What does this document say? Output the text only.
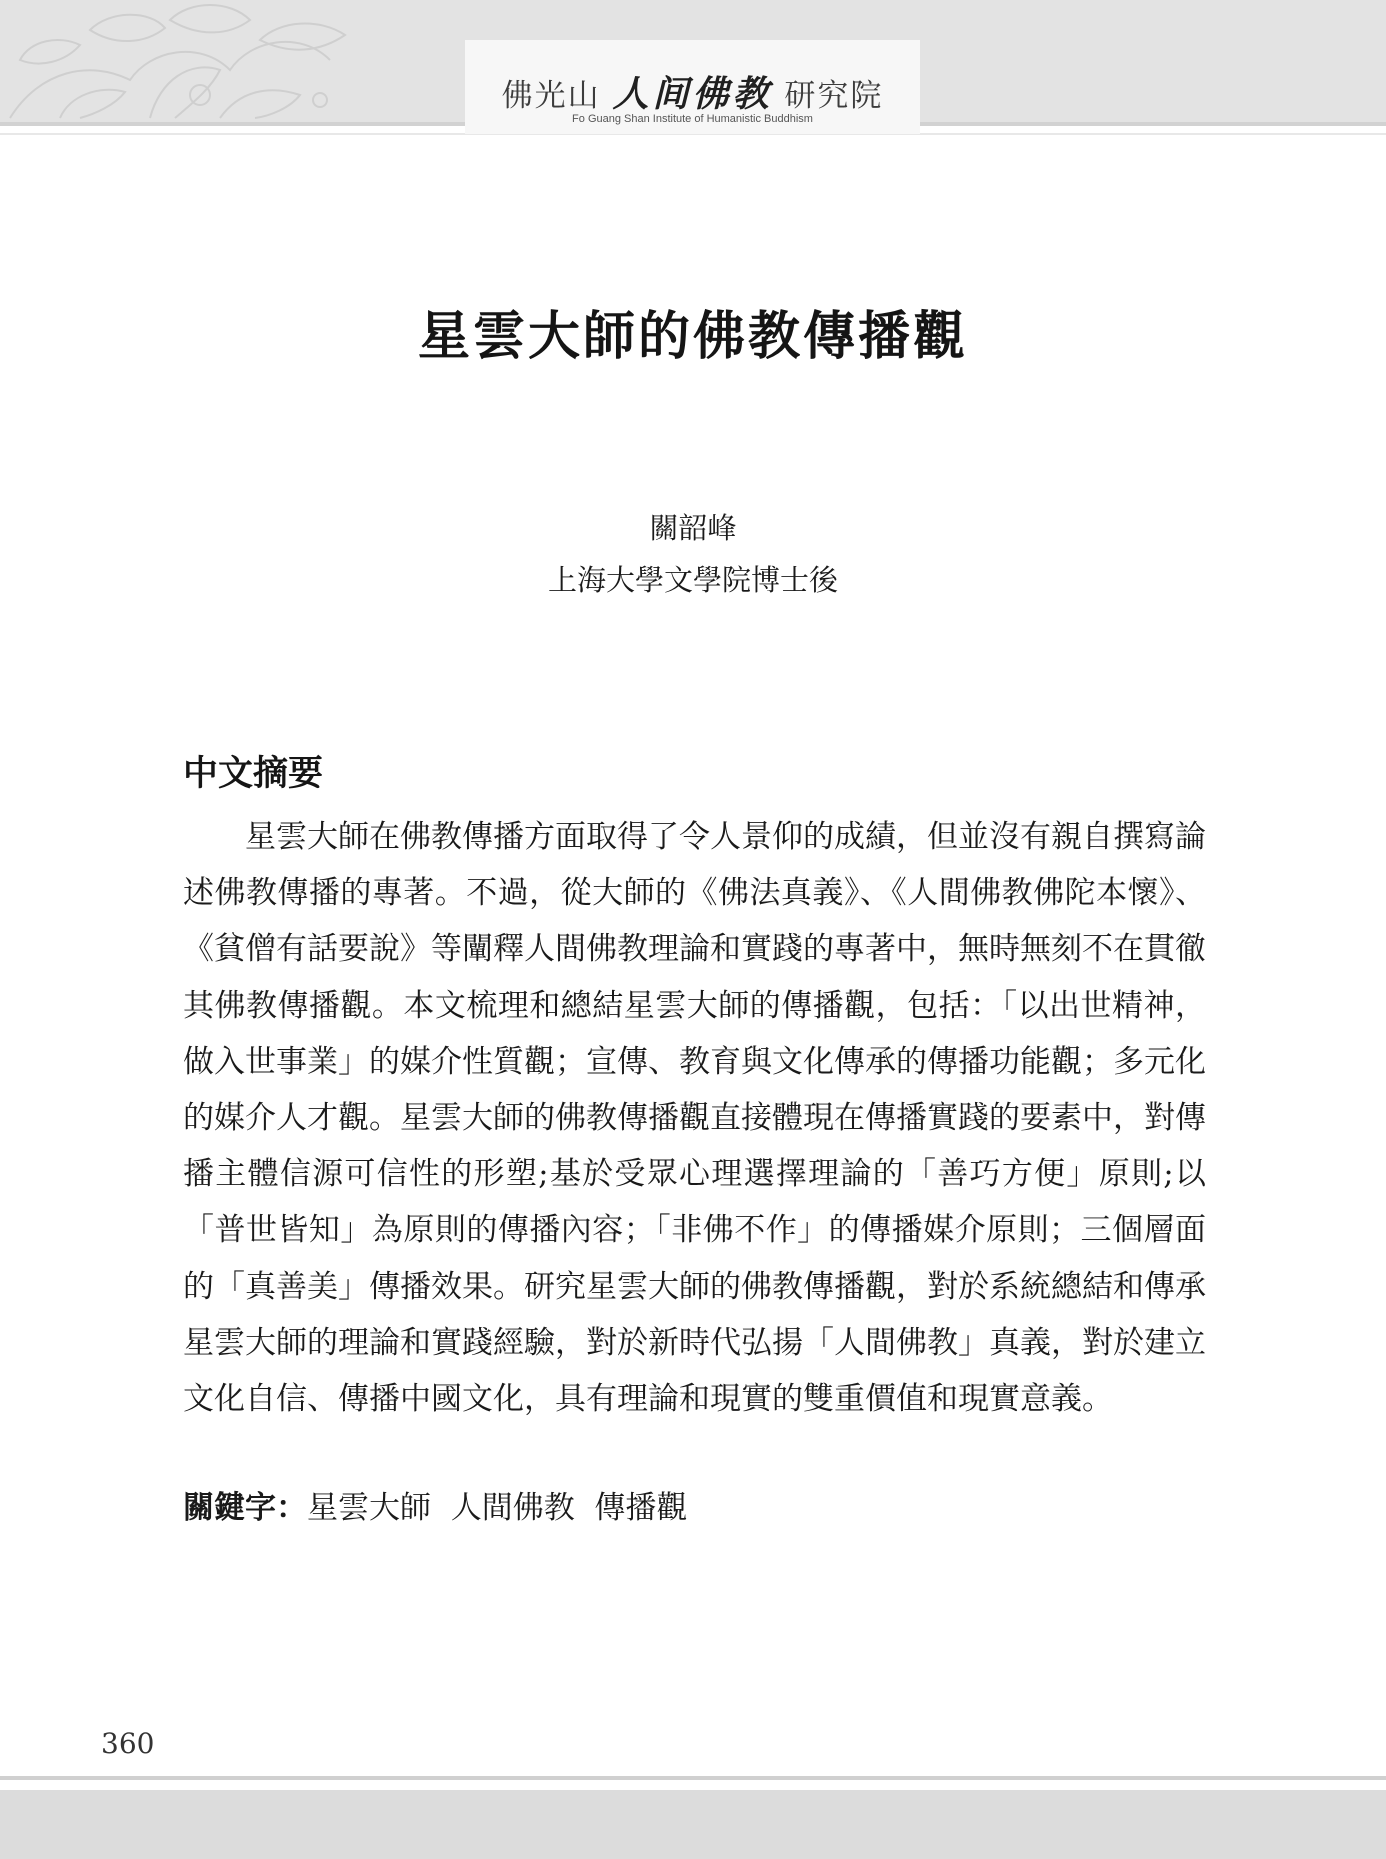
佛光山 人间佛教 研究院
Fo Guang Shan Institute of Humanistic Buddhism
星雲大師的佛教傳播觀
關韶峰
上海大學文學院博士後
中文摘要

星雲大師在佛教傳播方面取得了令人景仰的成績，但並沒有親自撰寫論述佛教傳播的專著。不過，從大師的《佛法真義》、《人間佛教佛陀本懷》、《貧僧有話要說》等闡釋人間佛教理論和實踐的專著中，無時無刻不在貫徹其佛教傳播觀。本文梳理和總結星雲大師的傳播觀，包括：「以出世精神，做入世事業」的媒介性質觀；宣傳、教育與文化傳承的傳播功能觀；多元化的媒介人才觀。星雲大師的佛教傳播觀直接體現在傳播實踐的要素中，對傳播主體信源可信性的形塑;基於受眾心理選擇理論的「善巧方便」原則;以「普世皆知」為原則的傳播內容；「非佛不作」的傳播媒介原則；三個層面的「真善美」傳播效果。研究星雲大師的佛教傳播觀，對於系統總結和傳承星雲大師的理論和實踐經驗，對於新時代弘揚「人間佛教」真義，對於建立文化自信、傳播中國文化，具有理論和現實的雙重價值和現實意義。

關鍵字：星雲大師  人間佛教  傳播觀
360
